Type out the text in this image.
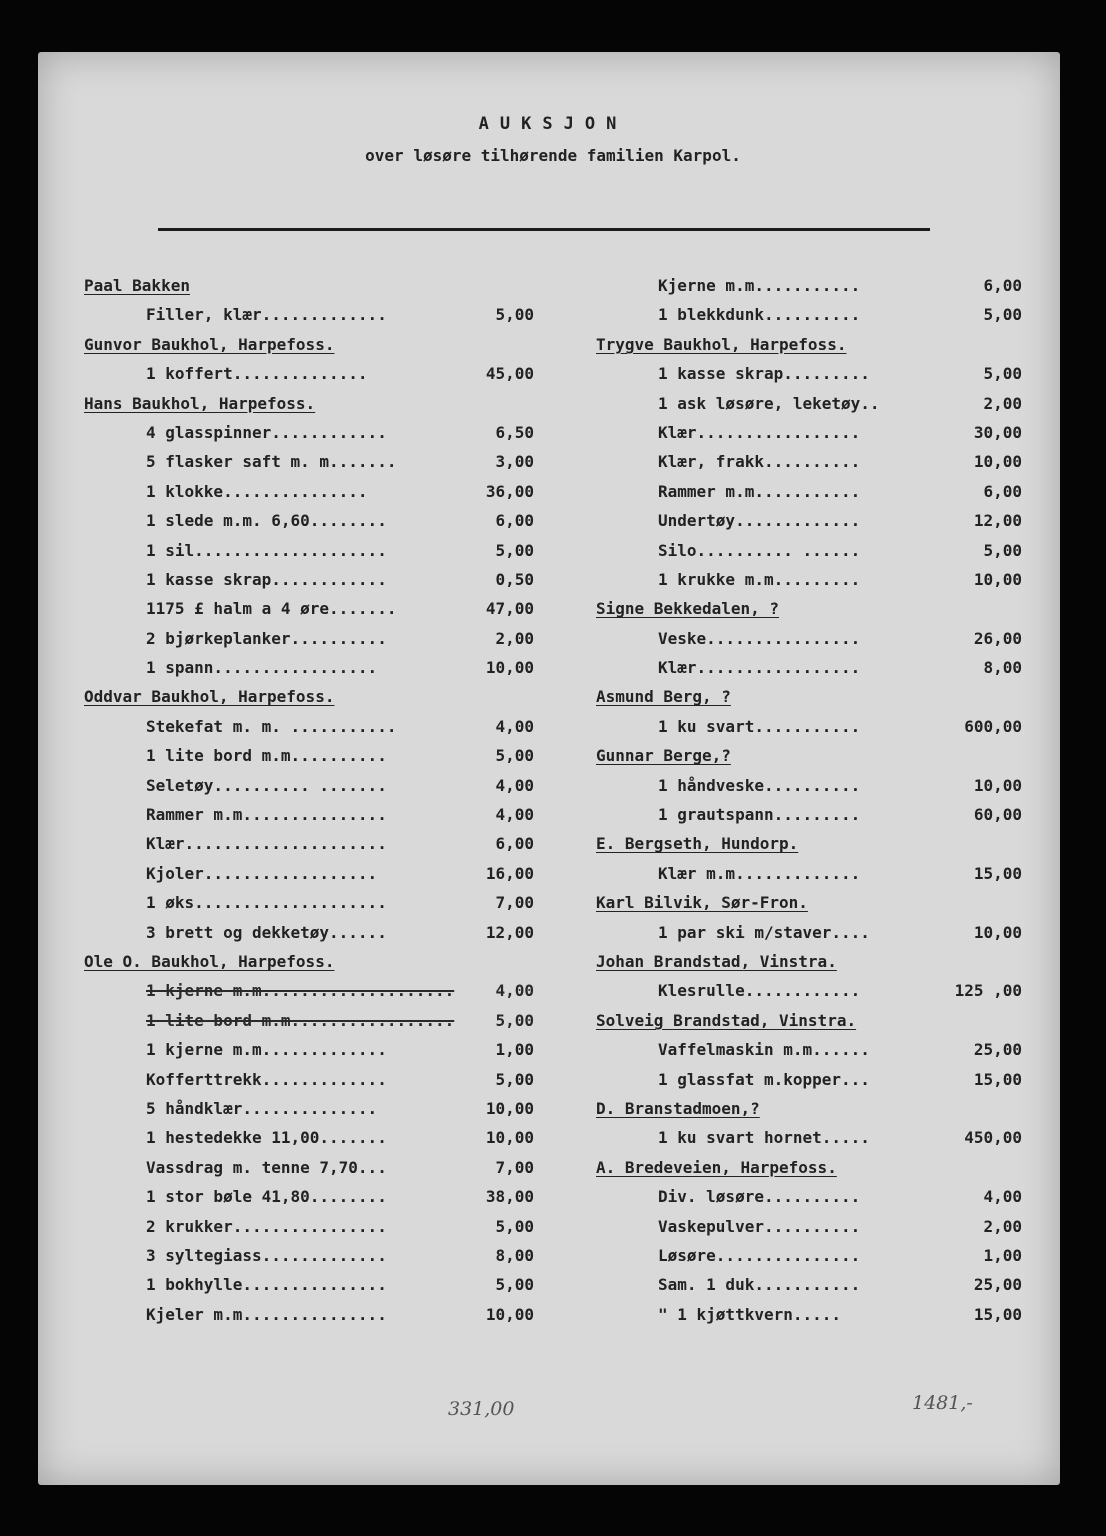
AUKSJON
over løsøre tilhørende familien Karpol.
Paal Bakken
Filler, klær.............	5,00
Gunvor Baukhol, Harpefoss.
1 koffert..............	45,00
Hans Baukhol, Harpefoss.
4 glasspinner............	6,50
5 flasker saft m. m.......	3,00
1 klokke...............	36,00
1 slede m.m. 6,60........	6,00
1 sil....................	5,00
1 kasse skrap............	0,50
1175 £ halm a 4 øre.......	47,00
2 bjørkeplanker..........	2,00
1 spann.................	10,00
Oddvar Baukhol, Harpefoss.
Stekefat m. m. ...........	4,00
1 lite bord m.m..........	5,00
Seletøy.......... .......	4,00
Rammer m.m...............	4,00
Klær.....................	6,00
Kjoler..................	16,00
1 øks....................	7,00
3 brett og dekketøy......	12,00
Ole O. Baukhol, Harpefoss.
1 kjerne m.m....................	4,00
1 lite bord m.m.................	5,00
1 kjerne m.m.............	1,00
Kofferttrekk.............	5,00
5 håndklær..............	10,00
1 hestedekke 11,00.......	10,00
Vassdrag m. tenne 7,70...	7,00
1 stor bøle 41,80........	38,00
2 krukker................	5,00
3 syltegiass.............	8,00
1 bokhylle...............	5,00
Kjeler m.m...............	10,00
Kjerne m.m...........	6,00
1 blekkdunk..........	5,00
Trygve Baukhol, Harpefoss.
1 kasse skrap.........	5,00
1 ask løsøre, leketøy..	2,00
Klær.................	30,00
Klær, frakk..........	10,00
Rammer m.m...........	6,00
Undertøy.............	12,00
Silo.......... ......	5,00
1 krukke m.m.........	10,00
Signe Bekkedalen, ?
Veske................	26,00
Klær.................	8,00
Asmund Berg, ?
1 ku svart...........	600,00
Gunnar Berge,?
1 håndveske..........	10,00
1 grautspann.........	60,00
E. Bergseth, Hundorp.
Klær m.m.............	15,00
Karl Bilvik, Sør-Fron.
1 par ski m/staver....	10,00
Johan Brandstad, Vinstra.
Klesrulle............	125 ,00
Solveig Brandstad, Vinstra.
Vaffelmaskin m.m......	25,00
1 glassfat m.kopper...	15,00
D. Branstadmoen,?
1 ku svart hornet.....	450,00
A. Bredeveien, Harpefoss.
Div. løsøre..........	4,00
Vaskepulver..........	2,00
Løsøre...............	1,00
Sam. 1 duk...........	25,00
" 1 kjøttkvern.....	15,00
331,00	1481,-
